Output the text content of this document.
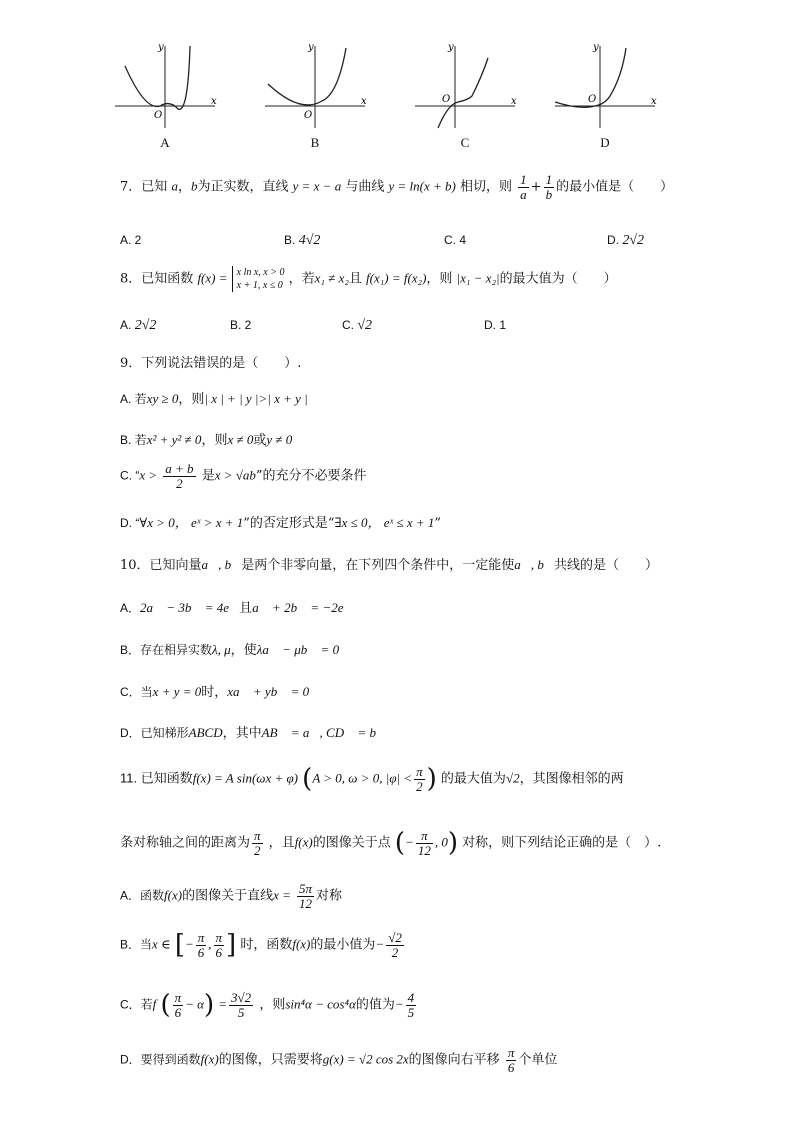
y
x
O
A
y
x
O
B
y
x
O
C
y
x
O
D
7．已知 a，b为正实数，直线 y = x − a 与曲线 y = ln(x + b) 相切，则 $\frac{1}{a} + \frac{1}{b}$ 的最小值是（　　）
A. 2	B. 4√2	C. 4	D. 2√2
8．已知函数 f(x) = x ln x, x > 0
x + 1, x ≤ 0 ，若x₁ ≠ x₂且 f(x₁) = f(x₂)，则 |x₁ − x₂|的最大值为（　　）
A. 2√2	B. 2	C. √2	D. 1
9．下列说法错误的是（　　）.
A. 若xy ≥ 0，则| x | + | y |>| x + y |
B. 若x² + y² ≠ 0，则x ≠ 0或y ≠ 0
C. “$x > \frac{a + b}{2}$ 是x > √ab”的充分不必要条件
D. “∀x > 0， eˣ > x + 1”的否定形式是“∃x ≤ 0， eˣ ≤ x + 1”
10．已知向量a⃗, b⃗是两个非零向量，在下列四个条件中，一定能使a⃗, b⃗共线的是（　　）
A．2a⃗ − 3b⃗ = 4e⃗且a⃗ + 2b⃗ = −2e⃗
B．存在相异实数λ, μ，使λa⃗ − μb⃗ = 0⃗
C．当x + y = 0时，xa⃗ + yb⃗ = 0⃗
D．已知梯形ABCD，其中AB⃗ = a⃗, CD⃗ = b⃗
11. 已知函数f(x) = A sin(ωx + φ) (A > 0, ω > 0, $|\varphi| < \frac{\pi}{2}$ ) 的最大值为√2，其图像相邻的两
条对称轴之间的距离为 $\frac{\pi}{2}$ ，且f(x)的图像关于点 (− $\frac{\pi}{12}$ , 0) 对称，则下列结论正确的是（　）.
A．函数f(x)的图像关于直线$x = \frac{5\pi}{12}$ 对称
B．当x ∈ [− $\frac{\pi}{6}$ , $\frac{\pi}{6}$ ] 时，函数f(x)的最小值为− $\frac{√2}{2}$
C．若f ( $\frac{\pi}{6} - \alpha) = \frac{3√2}{5}$ ，则sin⁴α − cos⁴α的值为− $\frac{4}{5}$
D．要得到函数f(x)的图像，只需要将g(x) = √2 cos 2x的图像向右平移 $\frac{\pi}{6}$ 个单位
